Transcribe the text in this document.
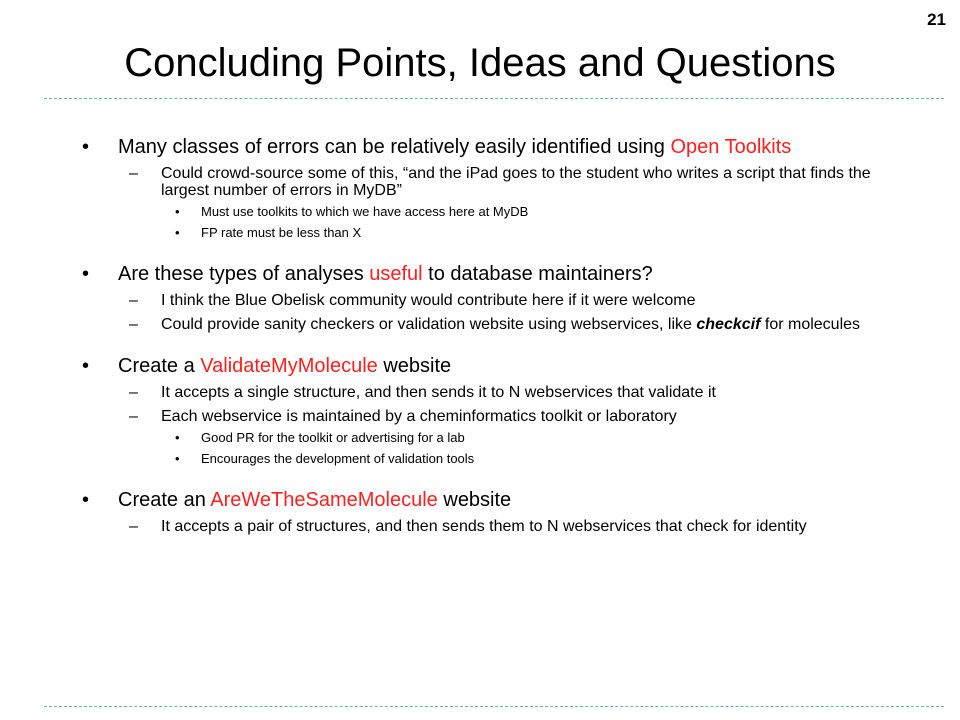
21
Concluding Points, Ideas and Questions
• Many classes of errors can be relatively easily identified using Open Toolkits
– Could crowd-source some of this, “and the iPad goes to the student who writes a script that finds the largest number of errors in MyDB”
• Must use toolkits to which we have access here at MyDB
• FP rate must be less than X
• Are these types of analyses useful to database maintainers?
– I think the Blue Obelisk community would contribute here if it were welcome
– Could provide sanity checkers or validation website using webservices, like checkcif for molecules
• Create a ValidateMyMolecule website
– It accepts a single structure, and then sends it to N webservices that validate it
– Each webservice is maintained by a cheminformatics toolkit or laboratory
• Good PR for the toolkit or advertising for a lab
• Encourages the development of validation tools
• Create an AreWeTheSameMolecule website
– It accepts a pair of structures, and then sends them to N webservices that check for identity
